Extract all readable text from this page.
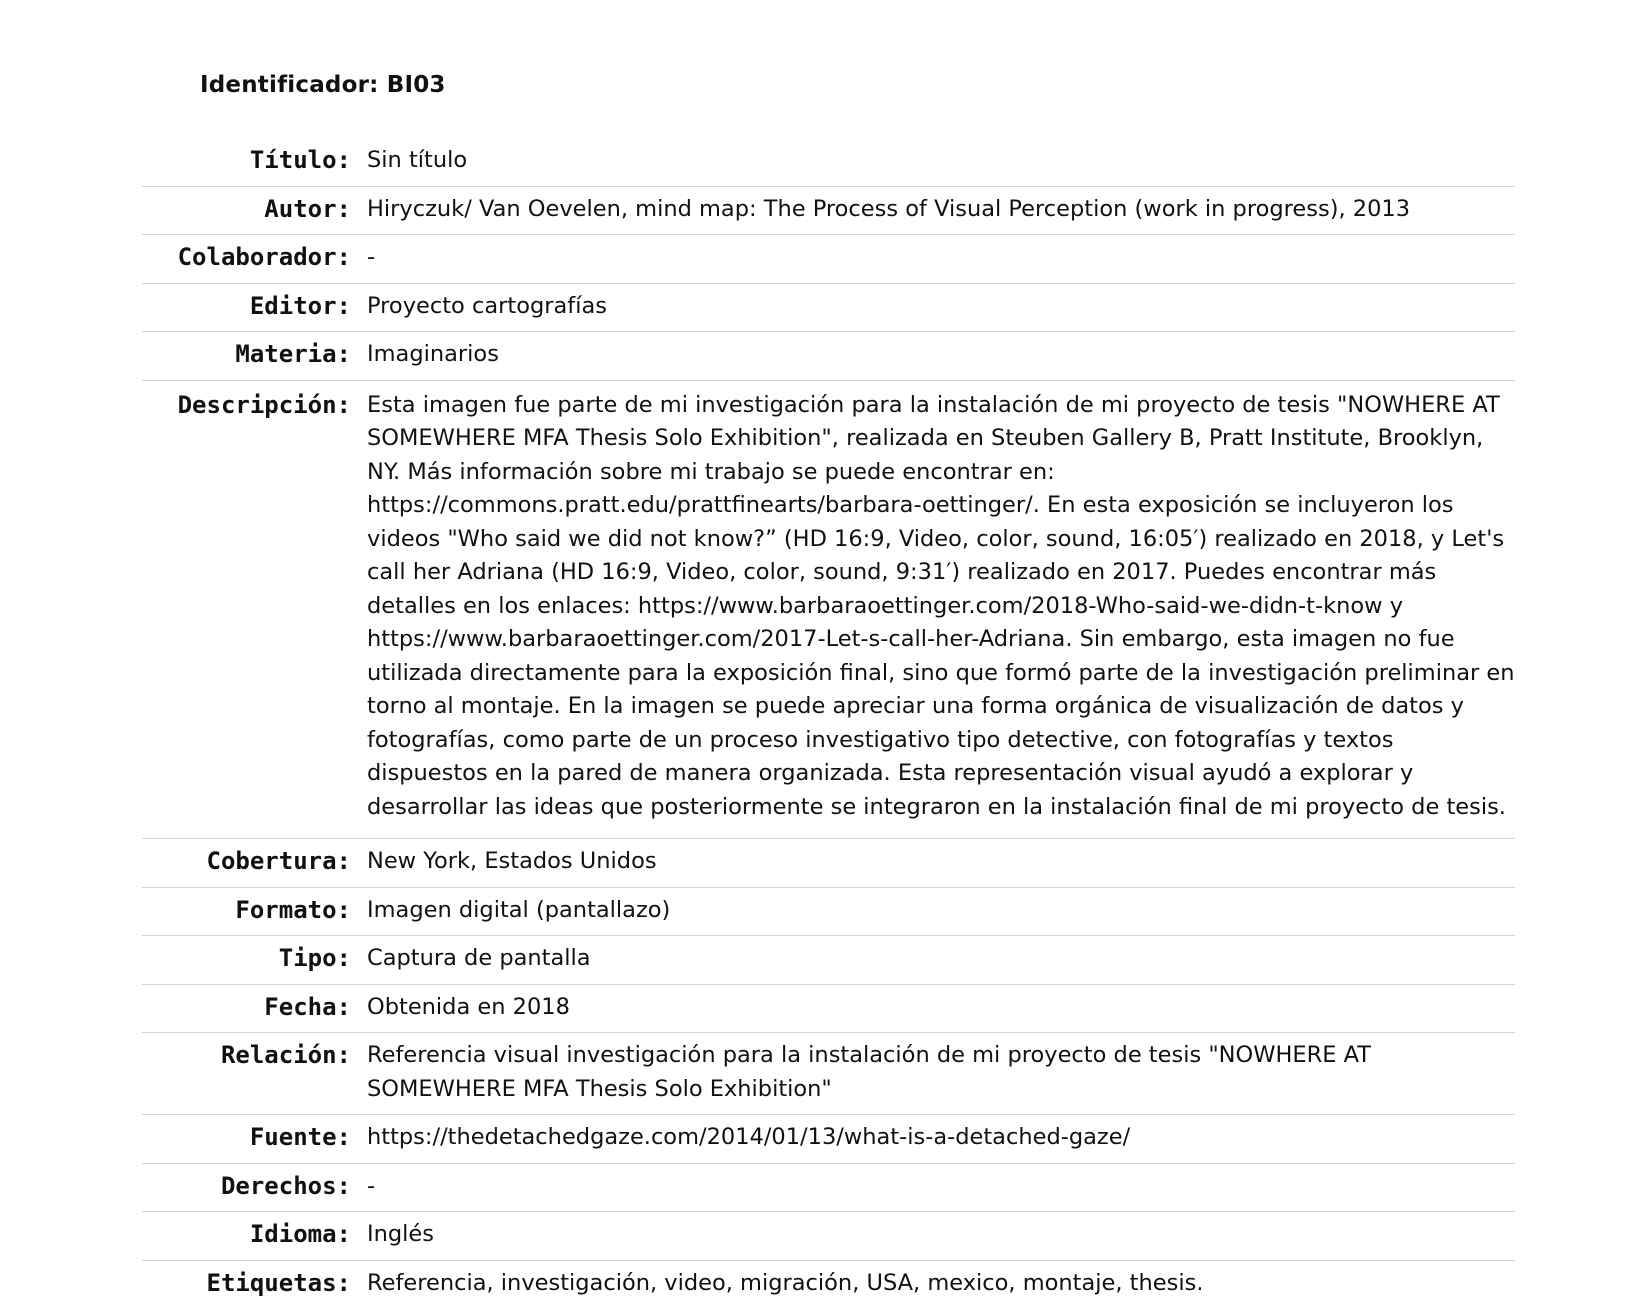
Identificador: BI03
Título: Sin título
Autor: Hiryczuk/ Van Oevelen, mind map: The Process of Visual Perception (work in progress), 2013
Colaborador: -
Editor: Proyecto cartografías
Materia: Imaginarios
Descripción: Esta imagen fue parte de mi investigación para la instalación de mi proyecto de tesis "NOWHERE AT SOMEWHERE MFA Thesis Solo Exhibition", realizada en Steuben Gallery B, Pratt Institute, Brooklyn, NY. Más información sobre mi trabajo se puede encontrar en: https://commons.pratt.edu/prattfinearts/barbara-oettinger/. En esta exposición se incluyeron los videos "Who said we did not know?” (HD 16:9, Video, color, sound, 16:05′) realizado en 2018, y Let's call her Adriana (HD 16:9, Video, color, sound, 9:31′) realizado en 2017. Puedes encontrar más detalles en los enlaces: https://www.barbaraoettinger.com/2018-Who-said-we-didn-t-know y https://www.barbaraoettinger.com/2017-Let-s-call-her-Adriana. Sin embargo, esta imagen no fue utilizada directamente para la exposición final, sino que formó parte de la investigación preliminar en torno al montaje. En la imagen se puede apreciar una forma orgánica de visualización de datos y fotografías, como parte de un proceso investigativo tipo detective, con fotografías y textos dispuestos en la pared de manera organizada. Esta representación visual ayudó a explorar y desarrollar las ideas que posteriormente se integraron en la instalación final de mi proyecto de tesis.
Cobertura: New York, Estados Unidos
Formato: Imagen digital (pantallazo)
Tipo: Captura de pantalla
Fecha: Obtenida en 2018
Relación: Referencia visual investigación para la instalación de mi proyecto de tesis "NOWHERE AT SOMEWHERE MFA Thesis Solo Exhibition"
Fuente: https://thedetachedgaze.com/2014/01/13/what-is-a-detached-gaze/
Derechos: -
Idioma: Inglés
Etiquetas: Referencia, investigación, video, migración, USA, mexico, montaje, thesis.
